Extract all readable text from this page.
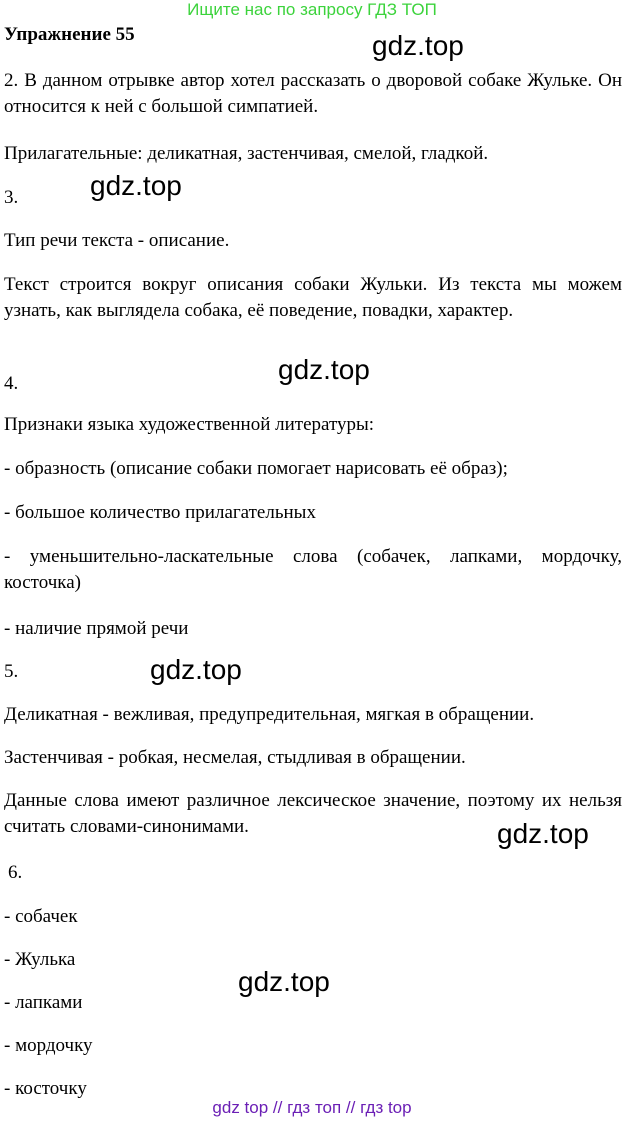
Ищите нас по запросу ГДЗ ТОП
Упражнение 55	gdz.top
2. В данном отрывке автор хотел рассказать о дворовой собаке Жульке. Он относится к ней с большой симпатией.
Прилагательные: деликатная, застенчивая, смелой, гладкой.
3.	gdz.top
Тип речи текста - описание.
Текст строится вокруг описания собаки Жульки. Из текста мы можем узнать, как выглядела собака, её поведение, повадки, характер.
4.	gdz.top
Признаки языка художественной литературы:
- образность (описание собаки помогает нарисовать её образ);
- большое количество прилагательных
- уменьшительно-ласкательные слова (собачек, лапками, мордочку, косточка)
- наличие прямой речи
5.	gdz.top
Деликатная - вежливая, предупредительная, мягкая в обращении.
Застенчивая - робкая, несмелая, стыдливая в обращении.
Данные слова имеют различное лексическое значение, поэтому их нельзя считать словами-синонимами.
6.
gdz.top
- собачек
- Жулька
gdz.top
- лапками
- мордочку
- косточку
gdz top // гдз топ // гдз top
